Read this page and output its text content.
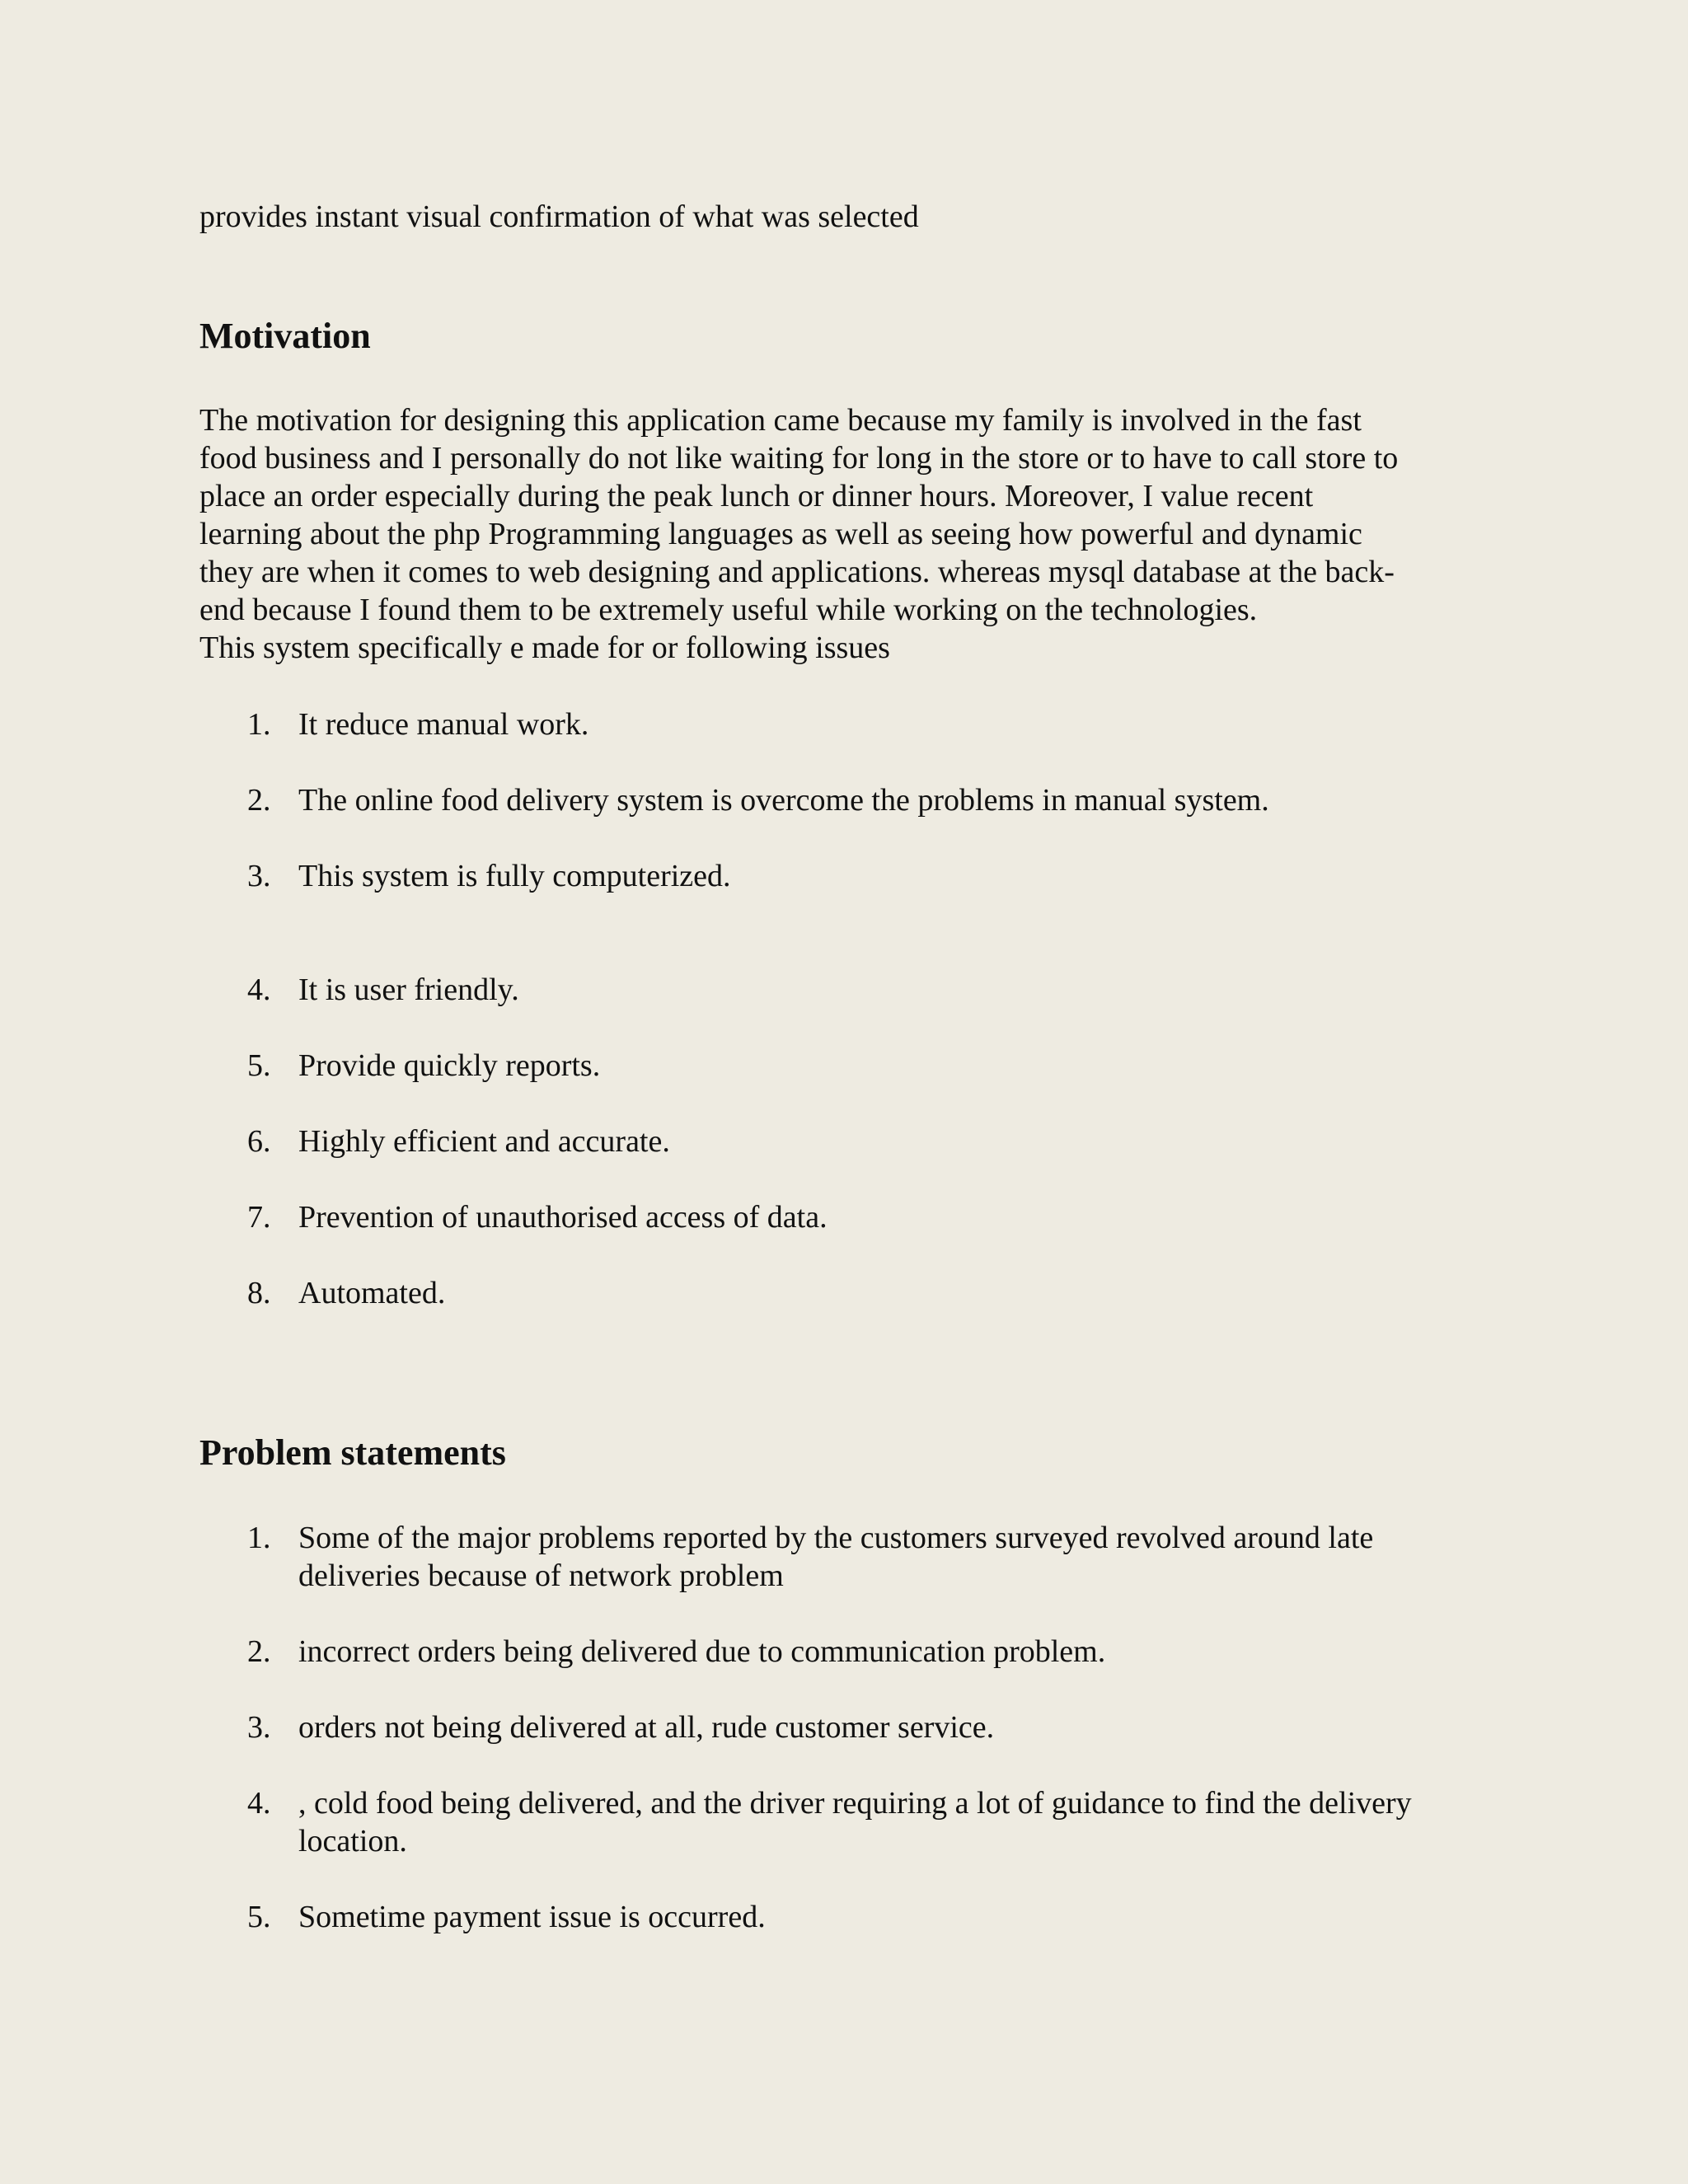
provides instant visual confirmation of what was selected

Motivation

The motivation for designing this application came because my family is involved in the fast

food business and I personally do not like waiting for long in the store or to have to call store to

place an order especially during the peak lunch or dinner hours. Moreover, I value recent

learning about the php Programming languages as well as seeing how powerful and dynamic

they are when it comes to web designing and applications. whereas mysql database at the back-

end because I found them to be extremely useful while working on the technologies.

This system specifically e made for or following issues

1. It reduce manual work.
2. The online food delivery system is overcome the problems in manual system.
3. This system is fully computerized.
4. It is user friendly.
5. Provide quickly reports.
6. Highly efficient and accurate.
7. Prevention of unauthorised access of data.
8. Automated.
Problem statements
1. Some of the major problems reported by the customers surveyed revolved around late
deliveries because of network problem
2. incorrect orders being delivered due to communication problem.
3. orders not being delivered at all, rude customer service.
4. , cold food being delivered, and the driver requiring a lot of guidance to find the delivery
location.
5. Sometime payment issue is occurred.
